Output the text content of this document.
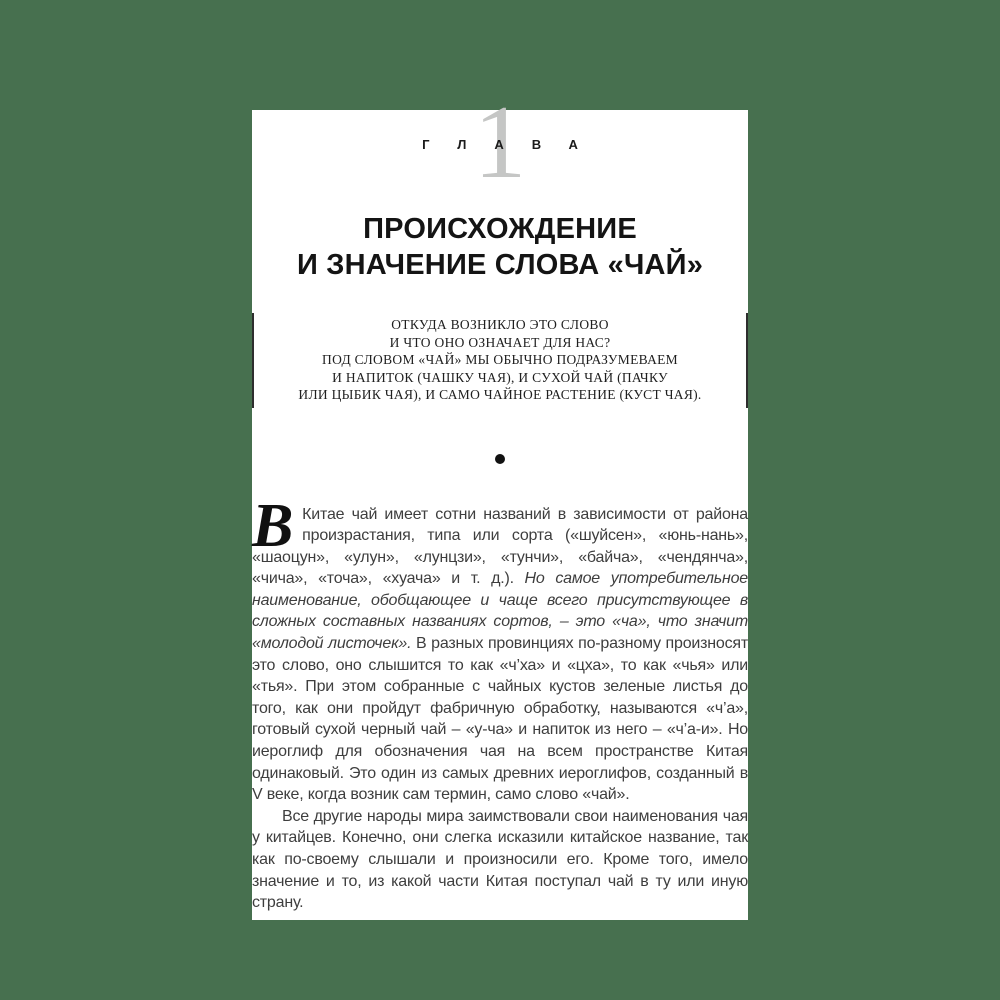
1
ГЛАВА
ПРОИСХОЖДЕНИЕ
И ЗНАЧЕНИЕ СЛОВА «ЧАЙ»
ОТКУДА ВОЗНИКЛО ЭТО СЛОВО
И ЧТО ОНО ОЗНАЧАЕТ ДЛЯ НАС?
ПОД СЛОВОМ «ЧАЙ» МЫ ОБЫЧНО ПОДРАЗУМЕВАЕМ
И НАПИТОК (ЧАШКУ ЧАЯ), И СУХОЙ ЧАЙ (ПАЧКУ
ИЛИ ЦЫБИК ЧАЯ), И САМО ЧАЙНОЕ РАСТЕНИЕ (КУСТ ЧАЯ).

В Китае чай имеет сотни названий в зависимости от района произрастания, типа или сорта («шуйсен», «юнь-нань», «шаоцун», «улун», «лунцзи», «тунчи», «байча», «чендянча», «чича», «точа», «хуача» и т. д.). Но самое употребительное наименование, обобщающее и чаще всего присутствующее в сложных составных названиях сортов, – это «ча», что значит «молодой листочек». В разных провинциях по-разному произносят это слово, оно слышится то как «ч’ха» и «цха», то как «чья» или «тья». При этом собранные с чайных кустов зеленые листья до того, как они пройдут фабричную обработку, называются «ч’а», готовый сухой черный чай – «у-ча» и напиток из него – «ч’а-и». Но иероглиф для обозначения чая на всем пространстве Китая одинаковый. Это один из самых древних иероглифов, созданный в V веке, когда возник сам термин, само слово «чай».

Все другие народы мира заимствовали свои наименования чая у китайцев. Конечно, они слегка исказили китайское название, так как по-своему слышали и произносили его. Кроме того, имело значение и то, из какой части Китая поступал чай в ту или иную страну.
